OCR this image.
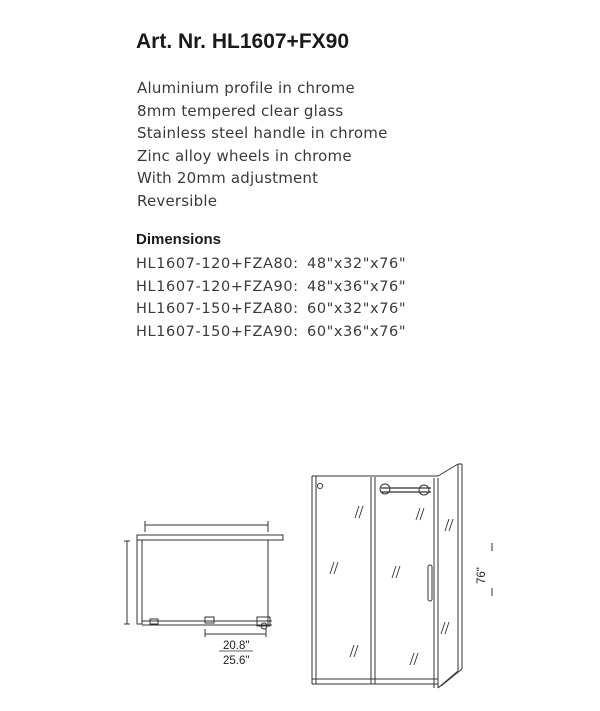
Art. Nr. HL1607+FX90
Aluminium profile in chrome
8mm tempered clear glass
Stainless steel handle in chrome
Zinc alloy wheels in chrome
With 20mm adjustment
Reversible
Dimensions
HL1607-120+FZA80: 48"x32"x76"
HL1607-120+FZA90: 48"x36"x76"
HL1607-150+FZA80: 60"x32"x76"
HL1607-150+FZA90: 60"x36"x76"
20.8"
25.6"
76"
